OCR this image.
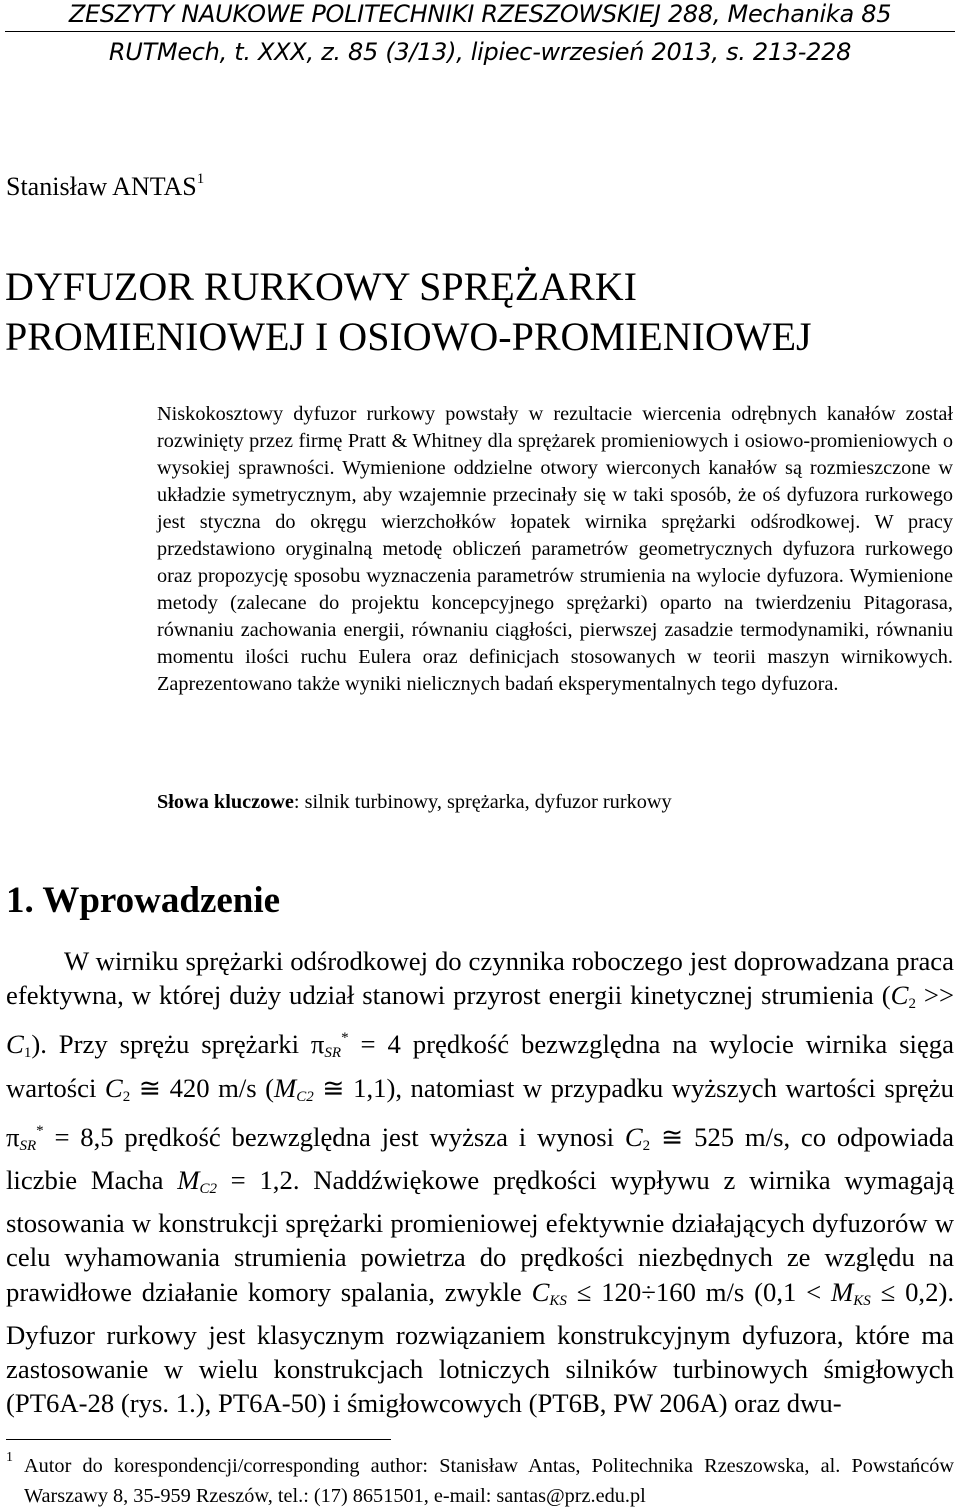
ZESZYTY NAUKOWE POLITECHNIKI RZESZOWSKIEJ 288, Mechanika 85
RUTMech, t. XXX, z. 85 (3/13), lipiec-wrzesień 2013, s. 213-228
Stanisław ANTAS$^1$
DYFUZOR RURKOWY SPRĘŻARKI
PROMIENIOWEJ I OSIOWO-PROMIENIOWEJ
Niskokosztowy dyfuzor rurkowy powstały w rezultacie wiercenia odrębnych kanałów został rozwinięty przez firmę Pratt & Whitney dla sprężarek promieniowych i osiowo-promieniowych o wysokiej sprawności. Wymienione oddzielne otwory wierconych kanałów są rozmieszczone w układzie symetrycznym, aby wzajemnie przecinały się w taki sposób, że oś dyfuzora rurkowego jest styczna do okręgu wierzchołków łopatek wirnika sprężarki odśrodkowej. W pracy przedstawiono oryginalną metodę obliczeń parametrów geometrycznych dyfuzora rurkowego oraz propozycję sposobu wyznaczenia parametrów strumienia na wylocie dyfuzora. Wymienione metody (zalecane do projektu koncepcyjnego sprężarki) oparto na twierdzeniu Pitagorasa, równaniu zachowania energii, równaniu ciągłości, pierwszej zasadzie termodynamiki, równaniu momentu ilości ruchu Eulera oraz definicjach stosowanych w teorii maszyn wirnikowych. Zaprezentowano także wyniki nielicznych badań eksperymentalnych tego dyfuzora.
Słowa kluczowe: silnik turbinowy, sprężarka, dyfuzor rurkowy
1. Wprowadzenie
W wirniku sprężarki odśrodkowej do czynnika roboczego jest doprowadzana praca efektywna, w której duży udział stanowi przyrost energii kinetycznej strumienia $(C_2 >> C_1)$. Przy sprężu sprężarki $\pi_{SR}^* = 4$ prędkość bezwzględna na wylocie wirnika sięga wartości $C_2$ ≅ 420 m/s ($M_{C2}$ ≅ 1,1), natomiast w przypadku wyższych wartości sprężu $\pi_{SR}^* = 8,5$ prędkość bezwzględna jest wyższa i wynosi $C_2$ ≅ 525 m/s, co odpowiada liczbie Macha $M_{C2} = 1,2$. Naddźwiękowe prędkości wypływu z wirnika wymagają stosowania w konstrukcji sprężarki promieniowej efektywnie działających dyfuzorów w celu wyhamowania strumienia powietrza do prędkości niezbędnych ze względu na prawidłowe działanie komory spalania, zwykle $C_{KS} \le 120\div 160$ m/s $(0,1 < M_{KS} \le 0,2)$. Dyfuzor rurkowy jest klasycznym rozwiązaniem konstrukcyjnym dyfuzora, które ma zastosowanie w wielu konstrukcjach lotniczych silników turbinowych śmigłowych (PT6A-28 (rys. 1.), PT6A-50) i śmigłowcowych (PT6B, PW 206A) oraz dwu-
1 Autor do korespondencji/corresponding author: Stanisław Antas, Politechnika Rzeszowska, al. Powstańców Warszawy 8, 35-959 Rzeszów, tel.: (17) 8651501, e-mail: santas@prz.edu.pl
